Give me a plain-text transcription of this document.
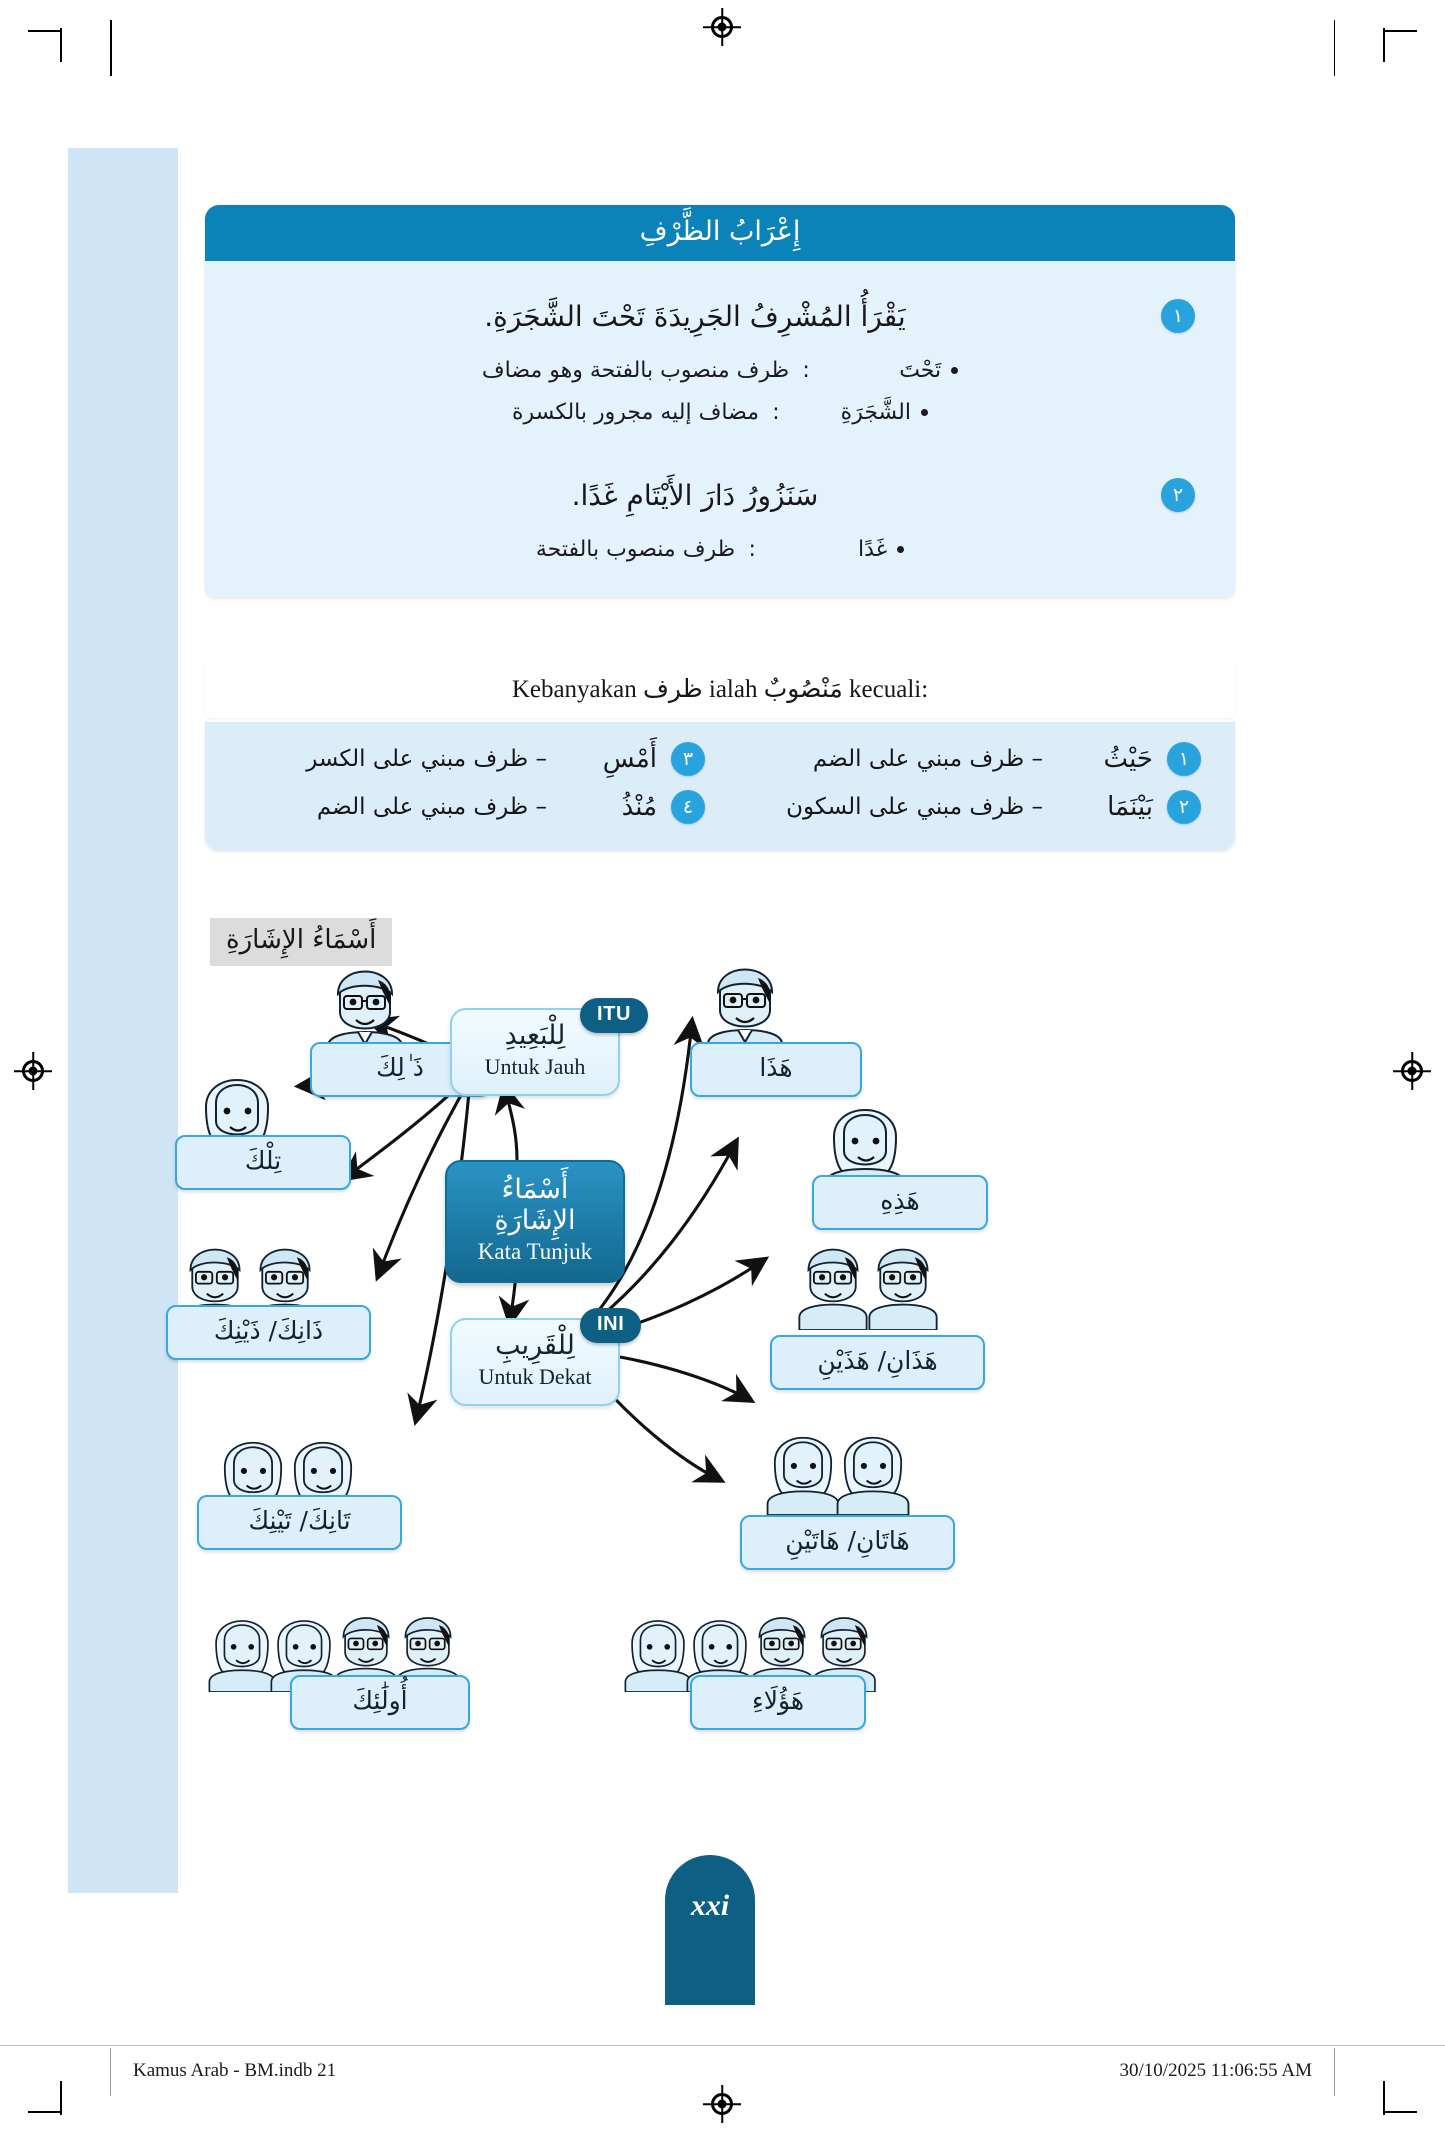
إِعْرَابُ الظَّرْفِ
١
يَقْرَأُ المُشْرِفُ الجَرِيدَةَ تَحْتَ الشَّجَرَةِ.
تَحْتَ
:
ظرف منصوب بالفتحة وهو مضاف
الشَّجَرَةِ
:
مضاف إليه مجرور بالكسرة
٢
سَنَزُورُ دَارَ الأَيْتَامِ غَدًا.
غَدًا
:
ظرف منصوب بالفتحة
Kebanyakan ظرف ialah مَنْصُوبٌ kecuali:
١
حَيْثُ
– ظرف مبني على الضم
٣
أَمْسِ
– ظرف مبني على الكسر
٢
بَيْنَمَا
– ظرف مبني على السكون
٤
مُنْذُ
– ظرف مبني على الضم
أَسْمَاءُ الإِشَارَةِ
ذَ ٰلِكَ
تِلْكَ
ذَانِكَ/ ذَيْنِكَ
تَانِكَ/ تَيْنِكَ
أُولَٰئِكَ
هَذَا
هَذِهِ
هَذَانِ/ هَذَيْنِ
هَاتَانِ/ هَاتَيْنِ
هَؤُلَاءِ
لِلْبَعِيدِ
Untuk Jauh
ITU
أَسْمَاءُ الإِشَارَةِ
Kata Tunjuk
لِلْقَرِيبِ
Untuk Dekat
INI
xxi
Kamus Arab - BM.indb 21	30/10/2025 11:06:55 AM
